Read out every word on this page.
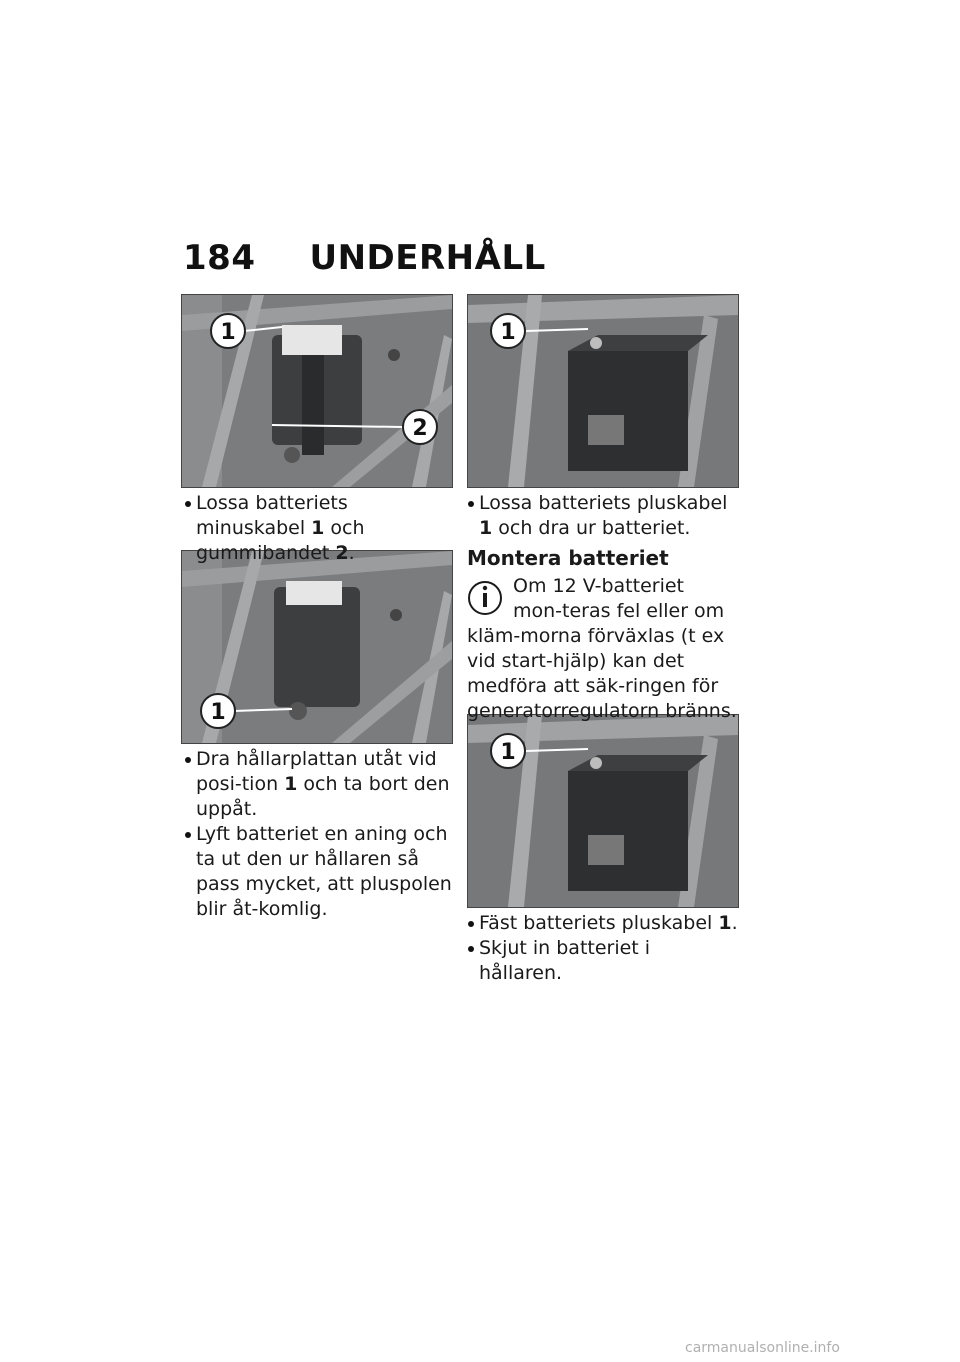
184 UNDERHÅLL
1
2
1
1
1

Lossa batteriets minuskabel 1 och gummibandet 2.

Dra hållarplattan utåt vid posi-tion 1 och ta bort den uppåt.

Lyft batteriet en aning och ta ut den ur hållaren så pass mycket, att pluspolen blir åt-komlig.

Lossa batteriets pluskabel 1 och dra ur batteriet.

Montera batteriet
Om 12 V-batteriet mon-teras fel eller om kläm-morna förväxlas (t ex vid start-hjälp) kan det medföra att säk-ringen för generatorregulatorn bränns.

Fäst batteriets pluskabel 1.

Skjut in batteriet i hållaren.

carmanualsonline.info
